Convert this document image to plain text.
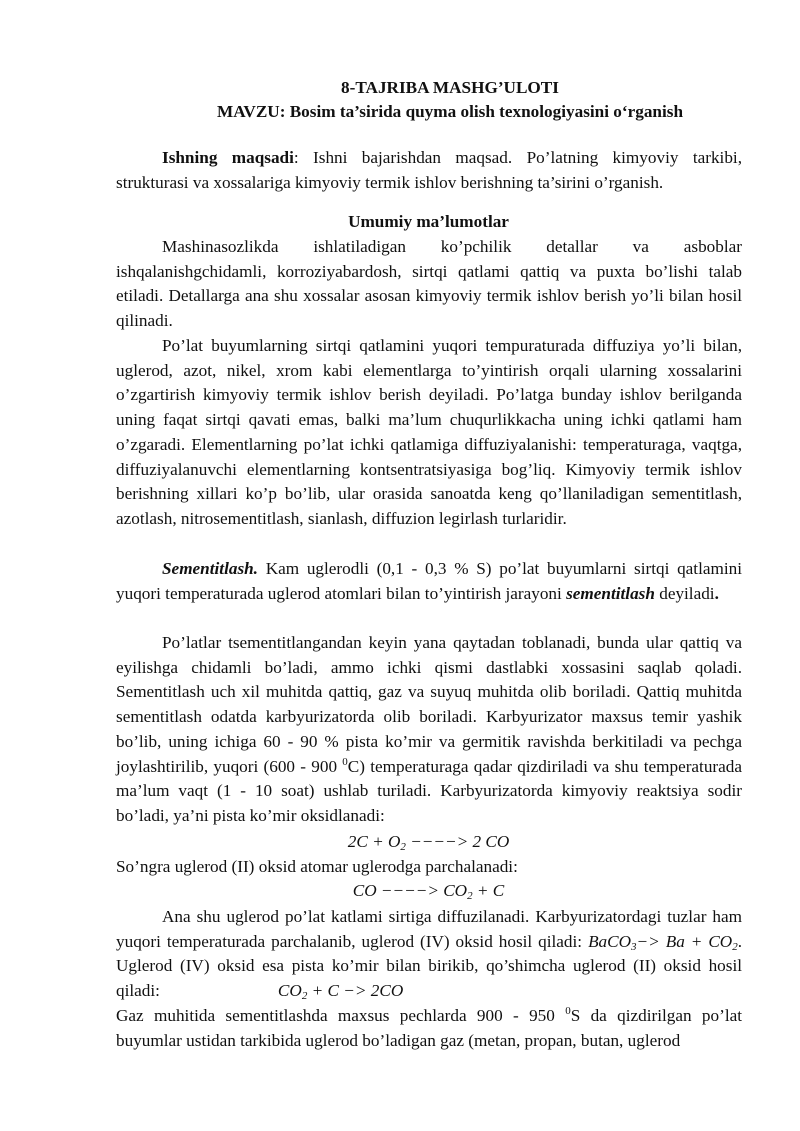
8-TAJRIBA MASHG’ULOTI
MAVZU: Bosim ta’sirida quyma olish texnologiyasini o‘rganish

Ishning maqsadi: Ishni bajarishdan maqsad. Po’latning kimyoviy tarkibi, strukturasi va xossalariga kimyoviy termik ishlov berishning ta’sirini o’rganish.

Umumiy ma’lumotlar

Mashinasozlikda ishlatiladigan ko’pchilik detallar va asboblar ishqalanishgchidamli, korroziyabardosh, sirtqi qatlami qattiq va puxta bo’lishi talab etiladi. Detallarga ana shu xossalar asosan kimyoviy termik ishlov berish yo’li bilan hosil qilinadi.

Po’lat buyumlarning sirtqi qatlamini yuqori tempuraturada diffuziya yo’li bilan, uglerod, azot, nikel, xrom kabi elementlarga to’yintirish orqali ularning xossalarini o’zgartirish kimyoviy termik ishlov berish deyiladi. Po’latga bunday ishlov berilganda uning faqat sirtqi qavati emas, balki ma’lum chuqurlikkacha uning ichki qatlami ham o’zgaradi. Elementlarning po’lat ichki qatlamiga diffuziyalanishi: temperaturaga, vaqtga, diffuziyalanuvchi elementlarning kontsentratsiyasiga bog’liq. Kimyoviy termik ishlov berishning xillari ko’p bo’lib, ular orasida sanoatda keng qo’llaniladigan sementitlash, azotlash, nitrosementitlash, sianlash, diffuzion legirlash turlaridir.

Sementitlash. Kam uglerodli (0,1 - 0,3 % S) po’lat buyumlarni sirtqi qatlamini yuqori temperaturada uglerod atomlari bilan to’yintirish jarayoni sementitlash deyiladi.

Po’latlar tsementitlangandan keyin yana qaytadan toblanadi, bunda ular qattiq va eyilishga chidamli bo’ladi, ammo ichki qismi dastlabki xossasini saqlab qoladi. Sementitlash uch xil muhitda qattiq, gaz va suyuq muhitda olib boriladi. Qattiq muhitda sementitlash odatda karbyurizatorda olib boriladi. Karbyurizator maxsus temir yashik bo’lib, uning ichiga 60 - 90 % pista ko’mir va germitik ravishda berkitiladi va pechga joylashtirilib, yuqori (600 - 900 $^0$C) temperaturaga qadar qizdiriladi va shu temperaturada ma’lum vaqt (1 - 10 soat) ushlab turiladi. Karbyurizatorda kimyoviy reaktsiya sodir bo’ladi, ya’ni pista ko’mir oksidlanadi:

$2C + O_2$ −−−−> 2 CO

So’ngra uglerod (II) oksid atomar uglerodga parchalanadi:

CO −−−−> $CO_2 + C$

Ana shu uglerod po’lat katlami sirtiga diffuzilanadi. Karbyurizatordagi tuzlar ham yuqori temperaturada parchalanib, uglerod (IV) oksid hosil qiladi: BaCO$_3$−> $Ba + CO_2$. Uglerod (IV) oksid esa pista ko’mir bilan birikib, qo’shimcha uglerod (II) oksid hosil qiladi:	$CO_2 + C -> 2CO$

Gaz muhitida sementitlashda maxsus pechlarda 900 - 950 $^0$S da qizdirilgan po’lat buyumlar ustidan tarkibida uglerod bo’ladigan gaz (metan, propan, butan, uglerod
